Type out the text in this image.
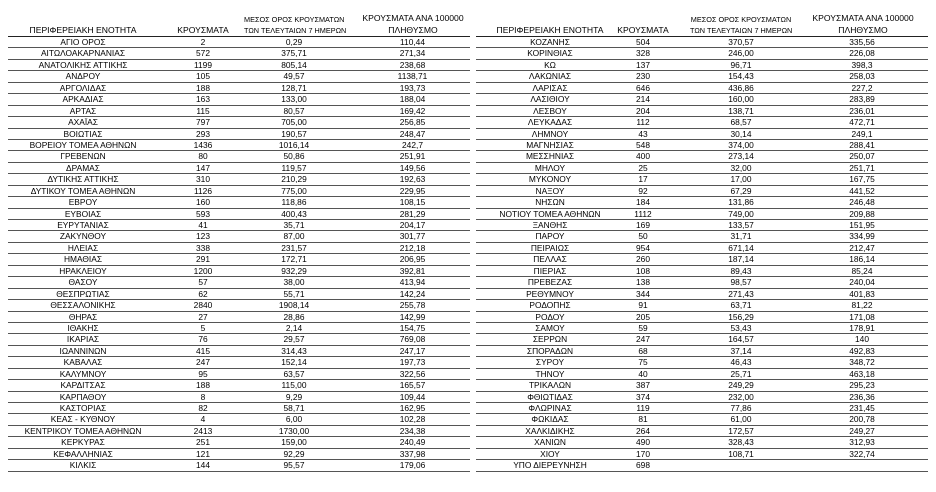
ΠΕΡΙΦΕΡΕΙΑΚΗ ΕΝΟΤΗΤΑ	ΚΡΟΥΣΜΑΤΑ
ΜΕΣΟΣ ΟΡΟΣ ΚΡΟΥΣΜΑΤΩΝ
ΤΩΝ ΤΕΛΕΥΤΑΙΩΝ 7 ΗΜΕΡΩΝ
ΚΡΟΥΣΜΑΤΑ ΑΝΑ 100000
ΠΛΗΘΥΣΜΟ
ΑΓΙΟ ΟΡΟΣ	2	0,29	110,44
ΑΙΤΩΛΟΑΚΑΡΝΑΝΙΑΣ	572	375,71	271,34
ΑΝΑΤΟΛΙΚΗΣ ΑΤΤΙΚΗΣ	1199	805,14	238,68
ΑΝΔΡΟΥ	105	49,57	1138,71
ΑΡΓΟΛΙΔΑΣ	188	128,71	193,73
ΑΡΚΑΔΙΑΣ	163	133,00	188,04
ΑΡΤΑΣ	115	80,57	169,42
ΑΧΑΪΑΣ	797	705,00	256,85
ΒΟΙΩΤΙΑΣ	293	190,57	248,47
ΒΟΡΕΙΟΥ ΤΟΜΕΑ ΑΘΗΝΩΝ	1436	1016,14	242,7
ΓΡΕΒΕΝΩΝ	80	50,86	251,91
ΔΡΑΜΑΣ	147	119,57	149,56
ΔΥΤΙΚΗΣ ΑΤΤΙΚΗΣ	310	210,29	192,63
ΔΥΤΙΚΟΥ ΤΟΜΕΑ ΑΘΗΝΩΝ	1126	775,00	229,95
ΕΒΡΟΥ	160	118,86	108,15
ΕΥΒΟΙΑΣ	593	400,43	281,29
ΕΥΡΥΤΑΝΙΑΣ	41	35,71	204,17
ΖΑΚΥΝΘΟΥ	123	87,00	301,77
ΗΛΕΙΑΣ	338	231,57	212,18
ΗΜΑΘΙΑΣ	291	172,71	206,95
ΗΡΑΚΛΕΙΟΥ	1200	932,29	392,81
ΘΑΣΟΥ	57	38,00	413,94
ΘΕΣΠΡΩΤΙΑΣ	62	55,71	142,24
ΘΕΣΣΑΛΟΝΙΚΗΣ	2840	1908,14	255,78
ΘΗΡΑΣ	27	28,86	142,99
ΙΘΑΚΗΣ	5	2,14	154,75
ΙΚΑΡΙΑΣ	76	29,57	769,08
ΙΩΑΝΝΙΝΩΝ	415	314,43	247,17
ΚΑΒΑΛΑΣ	247	152,14	197,73
ΚΑΛΥΜΝΟΥ	95	63,57	322,56
ΚΑΡΔΙΤΣΑΣ	188	115,00	165,57
ΚΑΡΠΑΘΟΥ	8	9,29	109,44
ΚΑΣΤΟΡΙΑΣ	82	58,71	162,95
ΚΕΑΣ - ΚΥΘΝΟΥ	4	6,00	102,28
ΚΕΝΤΡΙΚΟΥ ΤΟΜΕΑ ΑΘΗΝΩΝ	2413	1730,00	234,38
ΚΕΡΚΥΡΑΣ	251	159,00	240,49
ΚΕΦΑΛΛΗΝΙΑΣ	121	92,29	337,98
ΚΙΛΚΙΣ	144	95,57	179,06
ΠΕΡΙΦΕΡΕΙΑΚΗ ΕΝΟΤΗΤΑ	ΚΡΟΥΣΜΑΤΑ
ΜΕΣΟΣ ΟΡΟΣ ΚΡΟΥΣΜΑΤΩΝ
ΤΩΝ ΤΕΛΕΥΤΑΙΩΝ 7 ΗΜΕΡΩΝ
ΚΡΟΥΣΜΑΤΑ ΑΝΑ 100000
ΠΛΗΘΥΣΜΟ
ΚΟΖΑΝΗΣ	504	370,57	335,56
ΚΟΡΙΝΘΙΑΣ	328	246,00	226,08
ΚΩ	137	96,71	398,3
ΛΑΚΩΝΙΑΣ	230	154,43	258,03
ΛΑΡΙΣΑΣ	646	436,86	227,2
ΛΑΣΙΘΙΟΥ	214	160,00	283,89
ΛΕΣΒΟΥ	204	138,71	236,01
ΛΕΥΚΑΔΑΣ	112	68,57	472,71
ΛΗΜΝΟΥ	43	30,14	249,1
ΜΑΓΝΗΣΙΑΣ	548	374,00	288,41
ΜΕΣΣΗΝΙΑΣ	400	273,14	250,07
ΜΗΛΟΥ	25	32,00	251,71
ΜΥΚΟΝΟΥ	17	17,00	167,75
ΝΑΞΟΥ	92	67,29	441,52
ΝΗΣΩΝ	184	131,86	246,48
ΝΟΤΙΟΥ ΤΟΜΕΑ ΑΘΗΝΩΝ	1112	749,00	209,88
ΞΑΝΘΗΣ	169	133,57	151,95
ΠΑΡΟΥ	50	31,71	334,99
ΠΕΙΡΑΙΩΣ	954	671,14	212,47
ΠΕΛΛΑΣ	260	187,14	186,14
ΠΙΕΡΙΑΣ	108	89,43	85,24
ΠΡΕΒΕΖΑΣ	138	98,57	240,04
ΡΕΘΥΜΝΟΥ	344	271,43	401,83
ΡΟΔΟΠΗΣ	91	63,71	81,22
ΡΟΔΟΥ	205	156,29	171,08
ΣΑΜΟΥ	59	53,43	178,91
ΣΕΡΡΩΝ	247	164,57	140
ΣΠΟΡΑΔΩΝ	68	37,14	492,83
ΣΥΡΟΥ	75	46,43	348,72
ΤΗΝΟΥ	40	25,71	463,18
ΤΡΙΚΑΛΩΝ	387	249,29	295,23
ΦΘΙΩΤΙΔΑΣ	374	232,00	236,36
ΦΛΩΡΙΝΑΣ	119	77,86	231,45
ΦΩΚΙΔΑΣ	81	61,00	200,78
ΧΑΛΚΙΔΙΚΗΣ	264	172,57	249,27
ΧΑΝΙΩΝ	490	328,43	312,93
ΧΙΟΥ	170	108,71	322,74
ΥΠΟ ΔΙΕΡΕΥΝΗΣΗ	698
